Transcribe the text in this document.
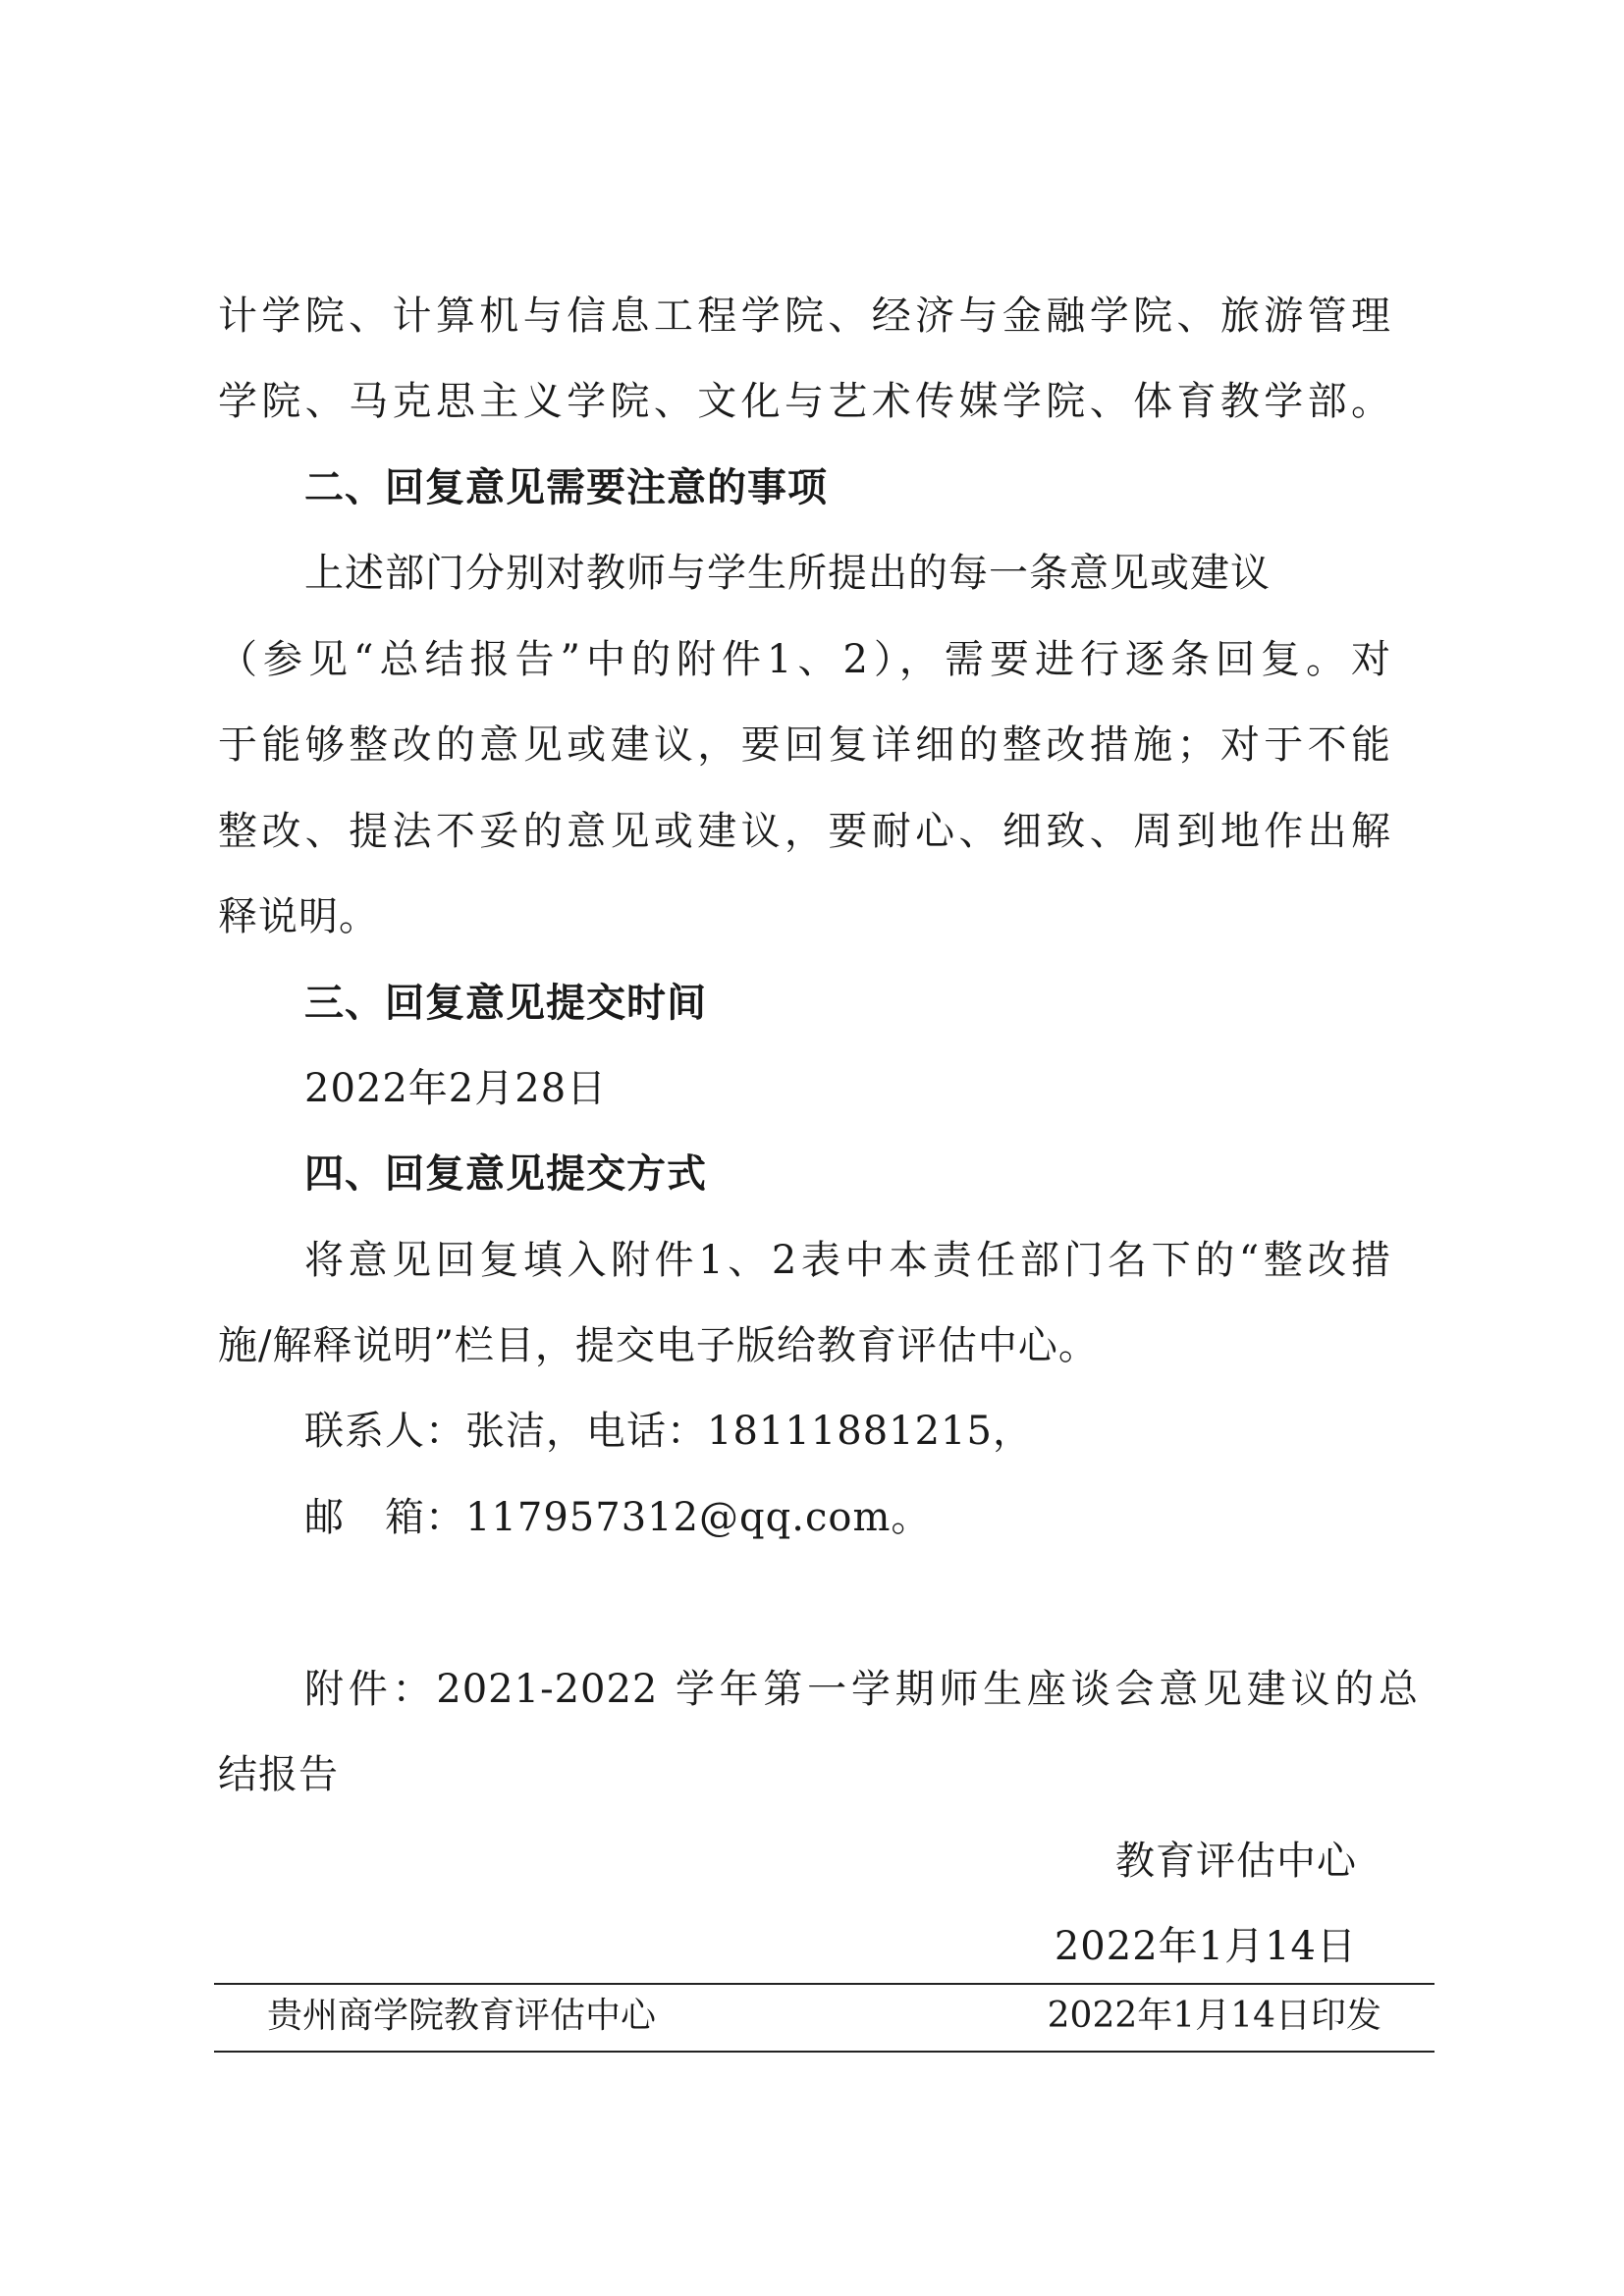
计学院、计算机与信息工程学院、经济与金融学院、旅游管理
学院、马克思主义学院、文化与艺术传媒学院、体育教学部。
二、回复意见需要注意的事项
上述部门分别对教师与学生所提出的每一条意见或建议
（参见“总结报告”中的附件1、2），需要进行逐条回复。对
于能够整改的意见或建议，要回复详细的整改措施；对于不能
整改、提法不妥的意见或建议，要耐心、细致、周到地作出解
释说明。
三、回复意见提交时间
2022年2月28日
四、回复意见提交方式
将意见回复填入附件1、2表中本责任部门名下的“整改措
施/解释说明”栏目，提交电子版给教育评估中心。
联系人：张洁，电话：18111881215，
邮　箱：117957312@qq.com。
附件：2021-2022 学年第一学期师生座谈会意见建议的总
结报告
教育评估中心
2022年1月14日
贵州商学院教育评估中心	2022年1月14日印发
